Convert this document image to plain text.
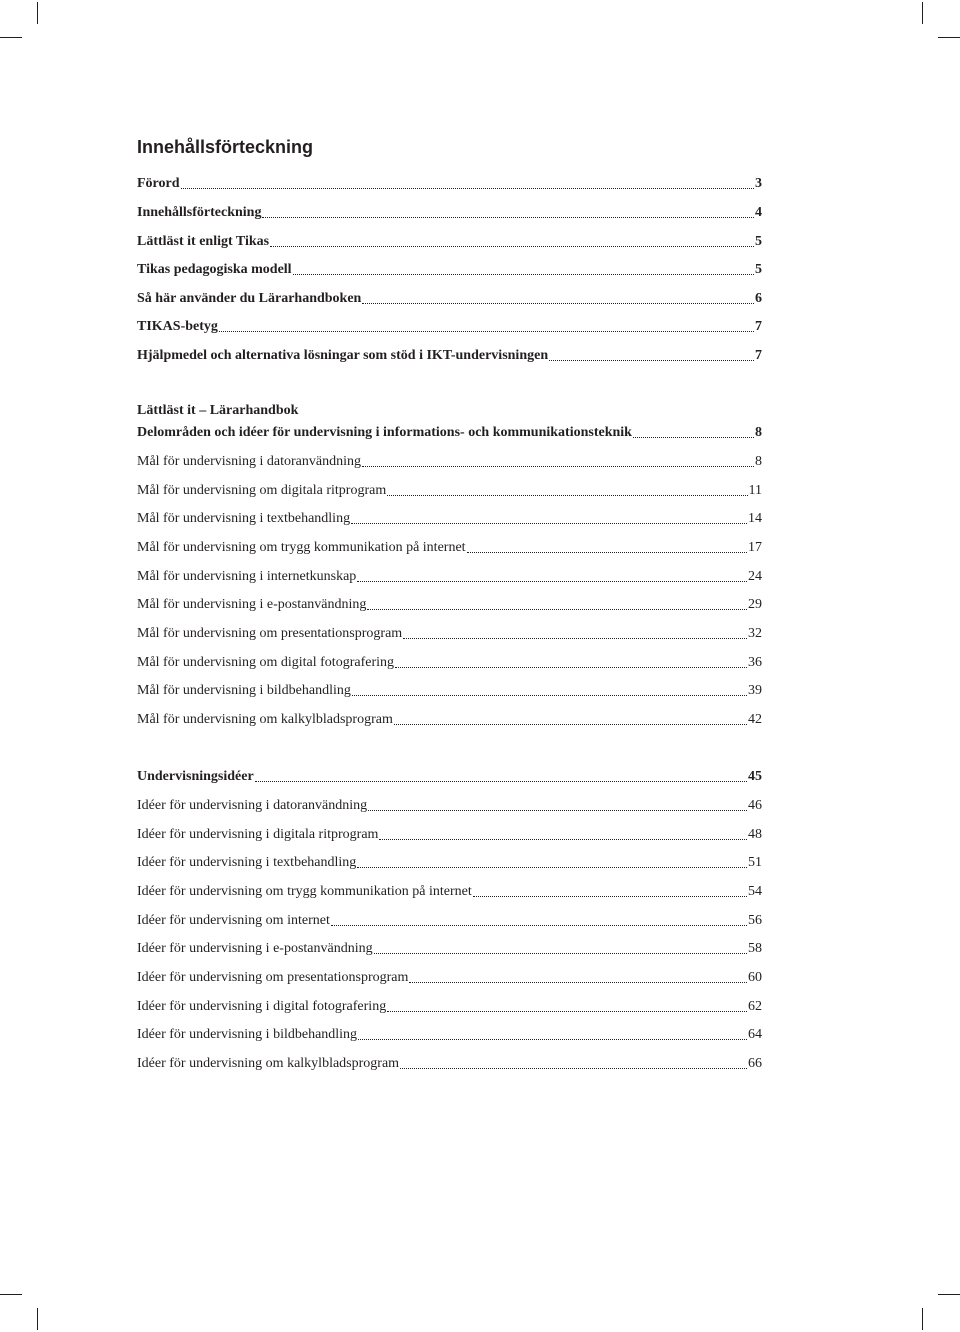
Innehållsförteckning
Förord	3
Innehållsförteckning	4
Lättläst it enligt Tikas	5
Tikas pedagogiska modell	5
Så här använder du Lärarhandboken	6
TIKAS-betyg	7
Hjälpmedel och alternativa lösningar som stöd i IKT-undervisningen	7
Lättläst it – Lärarhandbok
Delområden och idéer för undervisning i informations- och kommunikationsteknik	8
Mål för undervisning i datoranvändning	8
Mål för undervisning om digitala ritprogram	11
Mål för undervisning i textbehandling	14
Mål för undervisning om trygg kommunikation på internet	17
Mål för undervisning i internetkunskap	24
Mål för undervisning i e-postanvändning	29
Mål för undervisning om presentationsprogram	32
Mål för undervisning om digital fotografering	36
Mål för undervisning i bildbehandling	39
Mål för undervisning om kalkylbladsprogram	42
Undervisningsidéer	45
Idéer för undervisning i datoranvändning	46
Idéer för undervisning i digitala ritprogram	48
Idéer för undervisning i textbehandling	51
Idéer för undervisning om trygg kommunikation på internet	54
Idéer för undervisning om internet	56
Idéer för undervisning i e-postanvändning	58
Idéer för undervisning om presentationsprogram	60
Idéer för undervisning i digital fotografering	62
Idéer för undervisning i bildbehandling	64
Idéer för undervisning om kalkylbladsprogram	66
